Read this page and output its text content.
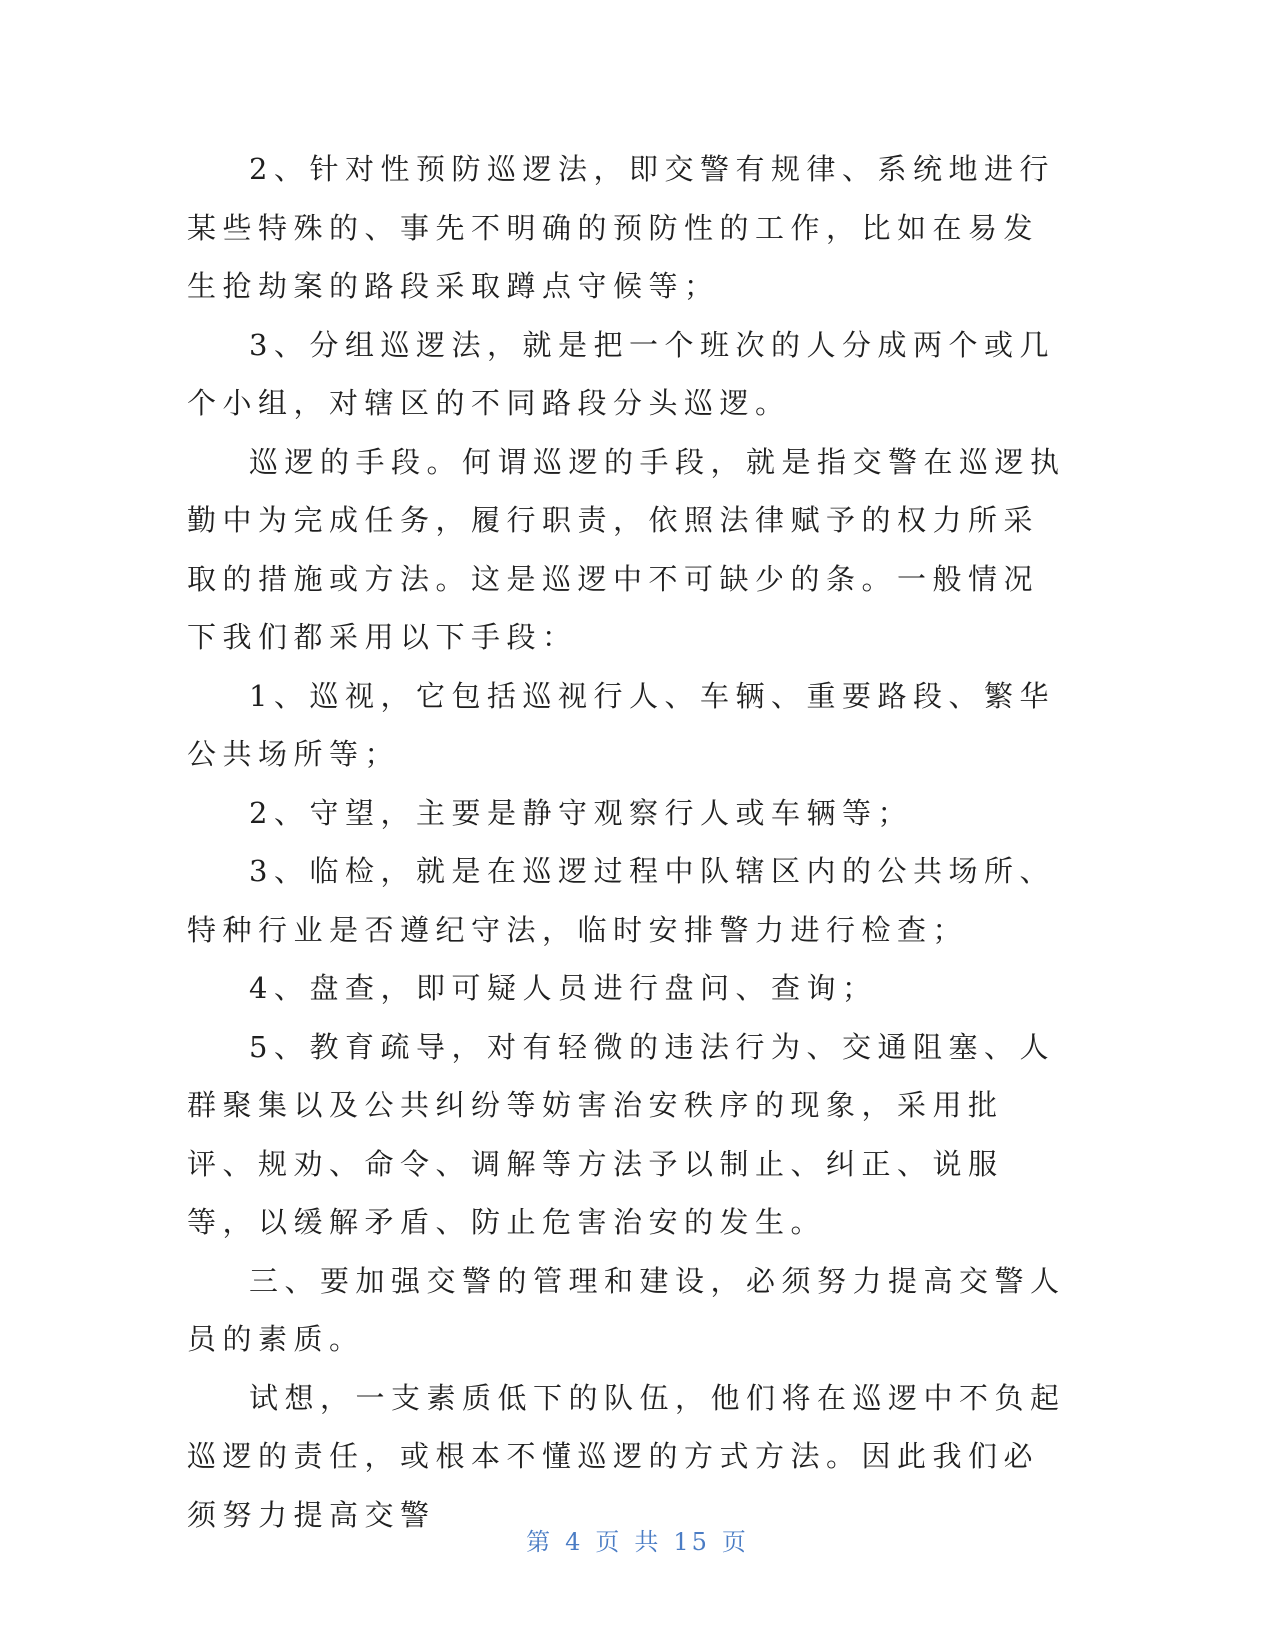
2、针对性预防巡逻法，即交警有规律、系统地进行某些特殊的、事先不明确的预防性的工作，比如在易发生抢劫案的路段采取蹲点守候等；

3、分组巡逻法，就是把一个班次的人分成两个或几个小组，对辖区的不同路段分头巡逻。

巡逻的手段。何谓巡逻的手段，就是指交警在巡逻执勤中为完成任务，履行职责，依照法律赋予的权力所采取的措施或方法。这是巡逻中不可缺少的条。一般情况下我们都采用以下手段：

1、巡视，它包括巡视行人、车辆、重要路段、繁华公共场所等；

2、守望，主要是静守观察行人或车辆等；

3、临检，就是在巡逻过程中队辖区内的公共场所、特种行业是否遵纪守法，临时安排警力进行检查；

4、盘查，即可疑人员进行盘问、查询；

5、教育疏导，对有轻微的违法行为、交通阻塞、人群聚集以及公共纠纷等妨害治安秩序的现象，采用批评、规劝、命令、调解等方法予以制止、纠正、说服等，以缓解矛盾、防止危害治安的发生。

三、要加强交警的管理和建设，必须努力提高交警人员的素质。

试想，一支素质低下的队伍，他们将在巡逻中不负起巡逻的责任，或根本不懂巡逻的方式方法。因此我们必须努力提高交警

第 4 页 共 15 页
